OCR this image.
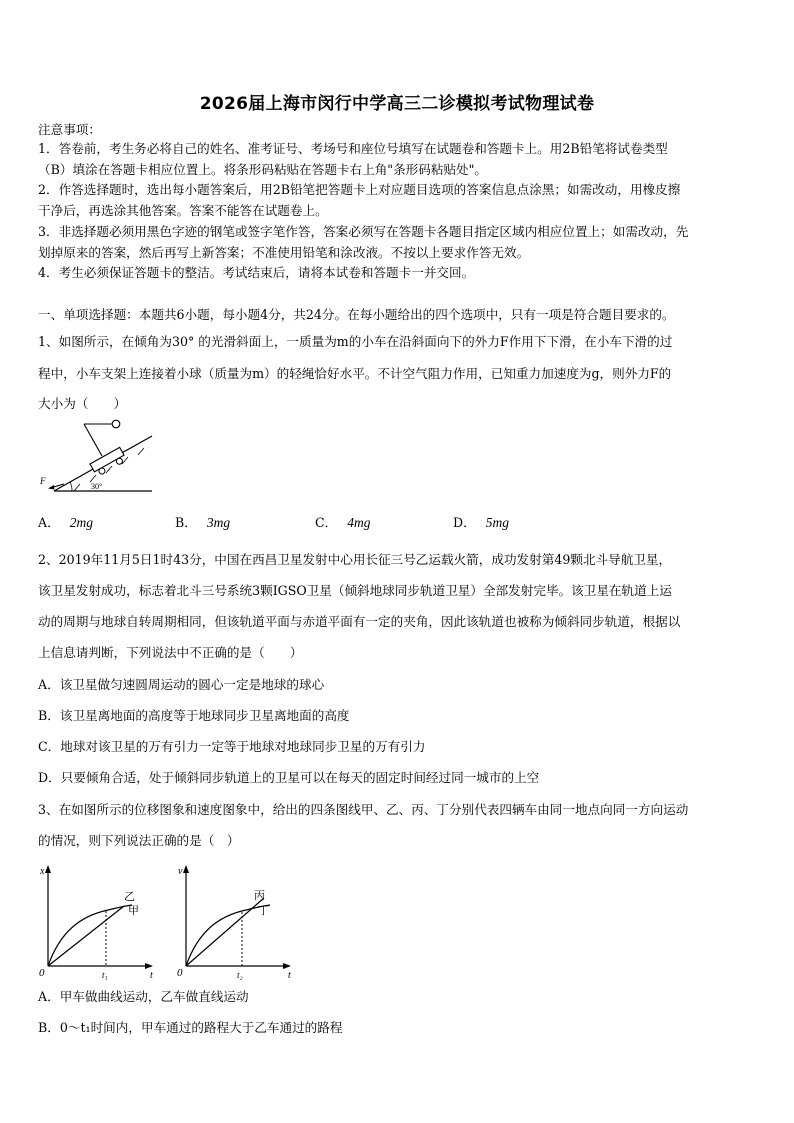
2026届上海市闵行中学高三二诊模拟考试物理试卷
注意事项：
1．答卷前，考生务必将自己的姓名、准考证号、考场号和座位号填写在试题卷和答题卡上。用2B铅笔将试卷类型
（B）填涂在答题卡相应位置上。将条形码粘贴在答题卡右上角"条形码粘贴处"。
2．作答选择题时，选出每小题答案后，用2B铅笔把答题卡上对应题目选项的答案信息点涂黑；如需改动，用橡皮擦
干净后，再选涂其他答案。答案不能答在试题卷上。
3．非选择题必须用黑色字迹的钢笔或签字笔作答，答案必须写在答题卡各题目指定区域内相应位置上；如需改动，先
划掉原来的答案，然后再写上新答案；不准使用铅笔和涂改液。不按以上要求作答无效。
4．考生必须保证答题卡的整洁。考试结束后，请将本试卷和答题卡一并交回。
一、单项选择题：本题共6小题，每小题4分，共24分。在每小题给出的四个选项中，只有一项是符合题目要求的。
1、如图所示，在倾角为30° 的光滑斜面上，一质量为m的小车在沿斜面向下的外力F作用下下滑，在小车下滑的过
程中，小车支架上连接着小球（质量为m）的轻绳恰好水平。不计空气阻力作用，已知重力加速度为g，则外力F的
大小为（　　）
F
30°
A． 2mg	B． 3mg	C． 4mg	D． 5mg
2、2019年11月5日1时43分，中国在西昌卫星发射中心用长征三号乙运载火箭，成功发射第49颗北斗导航卫星，
该卫星发射成功，标志着北斗三号系统3颗IGSO卫星（倾斜地球同步轨道卫星）全部发射完毕。该卫星在轨道上运
动的周期与地球自转周期相同，但该轨道平面与赤道平面有一定的夹角，因此该轨道也被称为倾斜同步轨道，根据以
上信息请判断，下列说法中不正确的是（　　）
A．该卫星做匀速圆周运动的圆心一定是地球的球心
B．该卫星离地面的高度等于地球同步卫星离地面的高度
C．地球对该卫星的万有引力一定等于地球对地球同步卫星的万有引力
D．只要倾角合适，处于倾斜同步轨道上的卫星可以在每天的固定时间经过同一城市的上空
3、在如图所示的位移图象和速度图象中，给出的四条图线甲、乙、丙、丁分别代表四辆车由同一地点向同一方向运动
的情况，则下列说法正确的是（　）
x
t
0	t₁
乙
甲
v
t
0	t₂
丙
丁
A．甲车做曲线运动，乙车做直线运动
B．0～t₁时间内，甲车通过的路程大于乙车通过的路程
